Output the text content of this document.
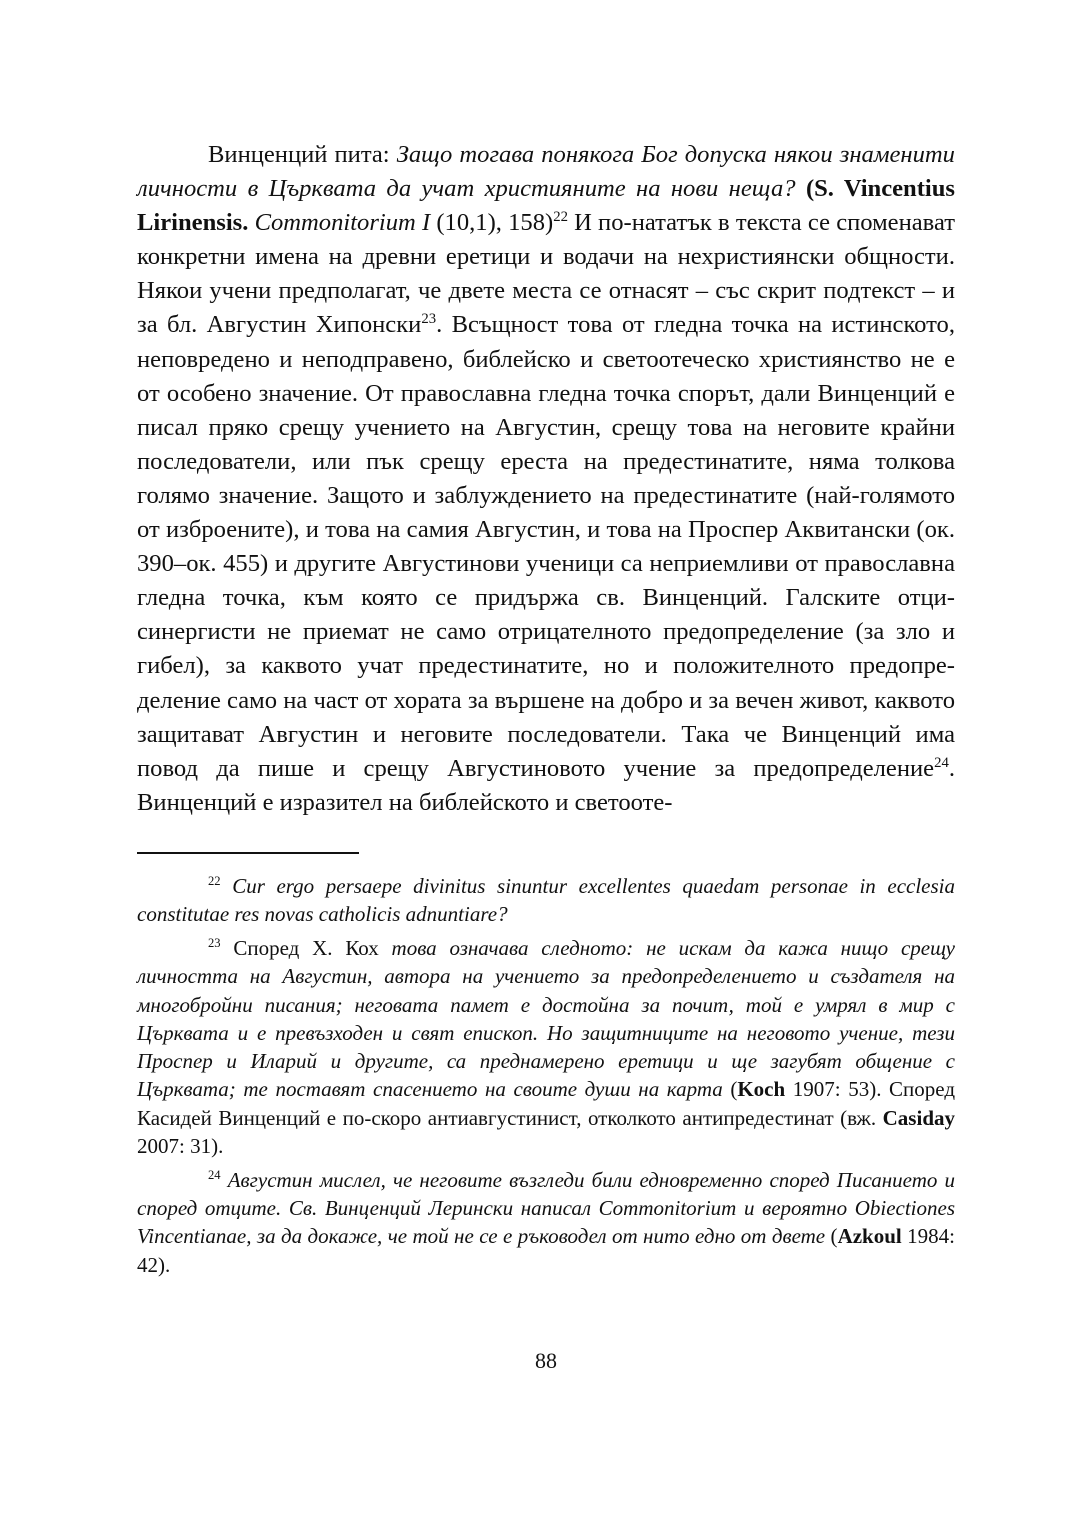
Винценций пита: Защо тогава понякога Бог допуска някои знаменити личности в Църквата да учат християните на нови неща? (S. Vincentius Lirinensis. Commonitorium I (10,1), 158)$^{22}$ И по-нататък в текста се споменават конкретни имена на древни еретици и водачи на нехристиянски общности. Някои учени предполагат, че двете места се отнасят – със скрит подтекст – и за бл. Августин Хипонски$^{23}$. Всъщност това от гледна точка на истинското, неповредено и неподправено, библейско и светоотеческо християнство не е от особено значение. От православна гледна точка спорът, дали Винценций е писал пряко срещу учението на Августин, срещу това на неговите крайни последователи, или пък срещу ереста на предестинатите, няма толкова голямо значение. Защото и заблуждението на предестинатите (най-голямото от изброените), и това на самия Августин, и това на Проспер Аквитански (ок. 390–ок. 455) и другите Августинови ученици са неприемливи от православна гледна точка, към която се придържа св. Винценций. Галските отци-синергисти не приемат не само отрицателното предопределение (за зло и гибел), за каквото учат предестинатите, но и положителното предопределение само на част от хората за вършене на добро и за вечен живот, каквото защитават Августин и неговите последователи. Така че Винценций има повод да пише и срещу Августиновото учение за предопределение$^{24}$. Винценций е изразител на библейското и светооте-

$^{22}$ Cur ergo persaepe divinitus sinuntur excellentes quaedam personae in ecclesia constitutae res novas catholicis adnuntiare?

$^{23}$ Според Х. Кох това означава следното: не искам да кажа нищо срещу личността на Августин, автора на учението за предопределението и създателя на многобройни писания; неговата памет е достойна за почит, той е умрял в мир с Църквата и е превъзходен и свят епископ. Но защитниците на неговото учение, тези Проспер и Иларий и другите, са преднамерено еретици и ще загубят общение с Църквата; те поставят спасението на своите души на карта (Koch 1907: 53). Според Касидей Винценций е по-скоро антиавгустинист, отколкото антипредестинат (вж. Casiday 2007: 31).

$^{24}$ Августин мислел, че неговите възгледи били едновременно според Писанието и според отците. Св. Винценций Лерински написал Commonitorium и вероятно Obiectiones Vincentianae, за да докаже, че той не се е ръководел от нито едно от двете (Azkoul 1984: 42).

88
